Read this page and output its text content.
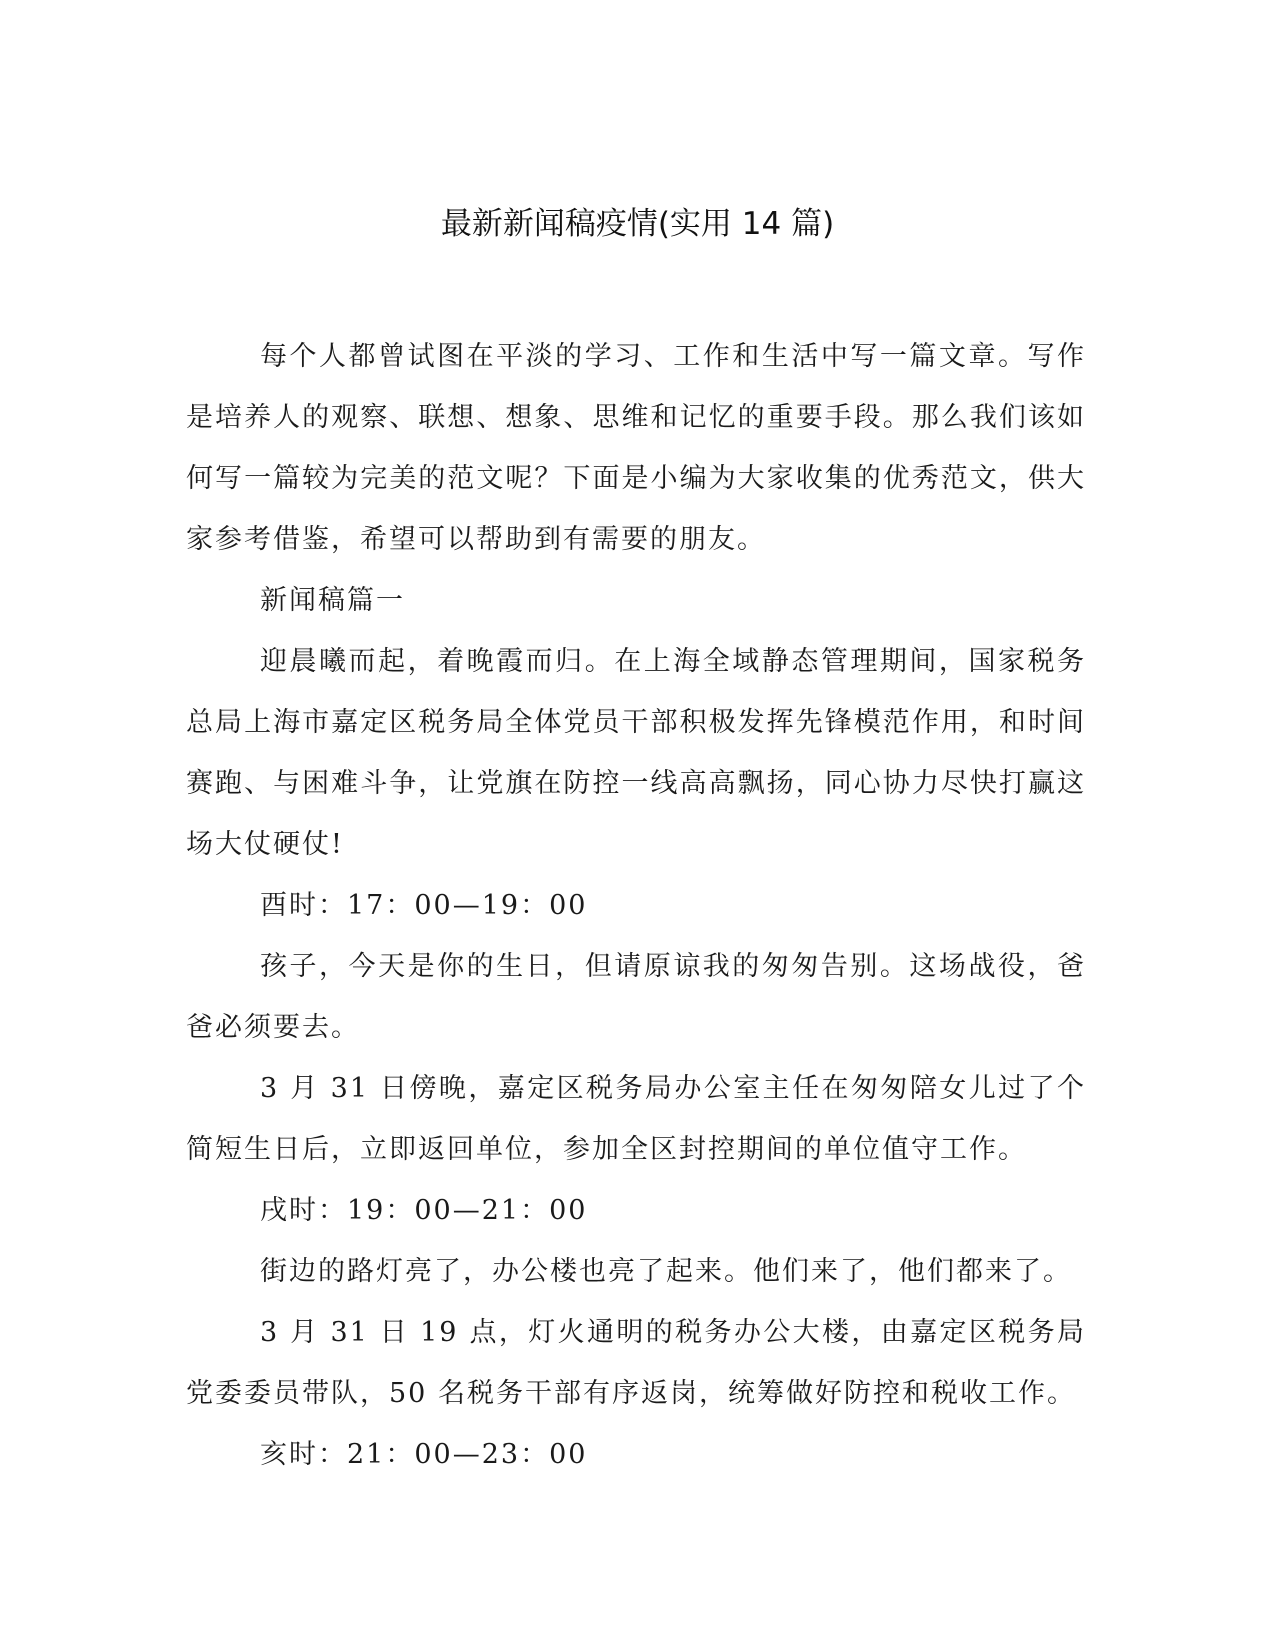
最新新闻稿疫情(实用 14 篇)

每个人都曾试图在平淡的学习、工作和生活中写一篇文章。写作是培养人的观察、联想、想象、思维和记忆的重要手段。那么我们该如何写一篇较为完美的范文呢？下面是小编为大家收集的优秀范文，供大家参考借鉴，希望可以帮助到有需要的朋友。

新闻稿篇一

迎晨曦而起，着晚霞而归。在上海全域静态管理期间，国家税务总局上海市嘉定区税务局全体党员干部积极发挥先锋模范作用，和时间赛跑、与困难斗争，让党旗在防控一线高高飘扬，同心协力尽快打赢这场大仗硬仗!

酉时：17：00—19：00

孩子，今天是你的生日，但请原谅我的匆匆告别。这场战役，爸爸必须要去。

3 月 31 日傍晚，嘉定区税务局办公室主任在匆匆陪女儿过了个简短生日后，立即返回单位，参加全区封控期间的单位值守工作。

戌时：19：00—21：00

街边的路灯亮了，办公楼也亮了起来。他们来了，他们都来了。

3 月 31 日 19 点，灯火通明的税务办公大楼，由嘉定区税务局党委委员带队，50 名税务干部有序返岗，统筹做好防控和税收工作。

亥时：21：00—23：00
